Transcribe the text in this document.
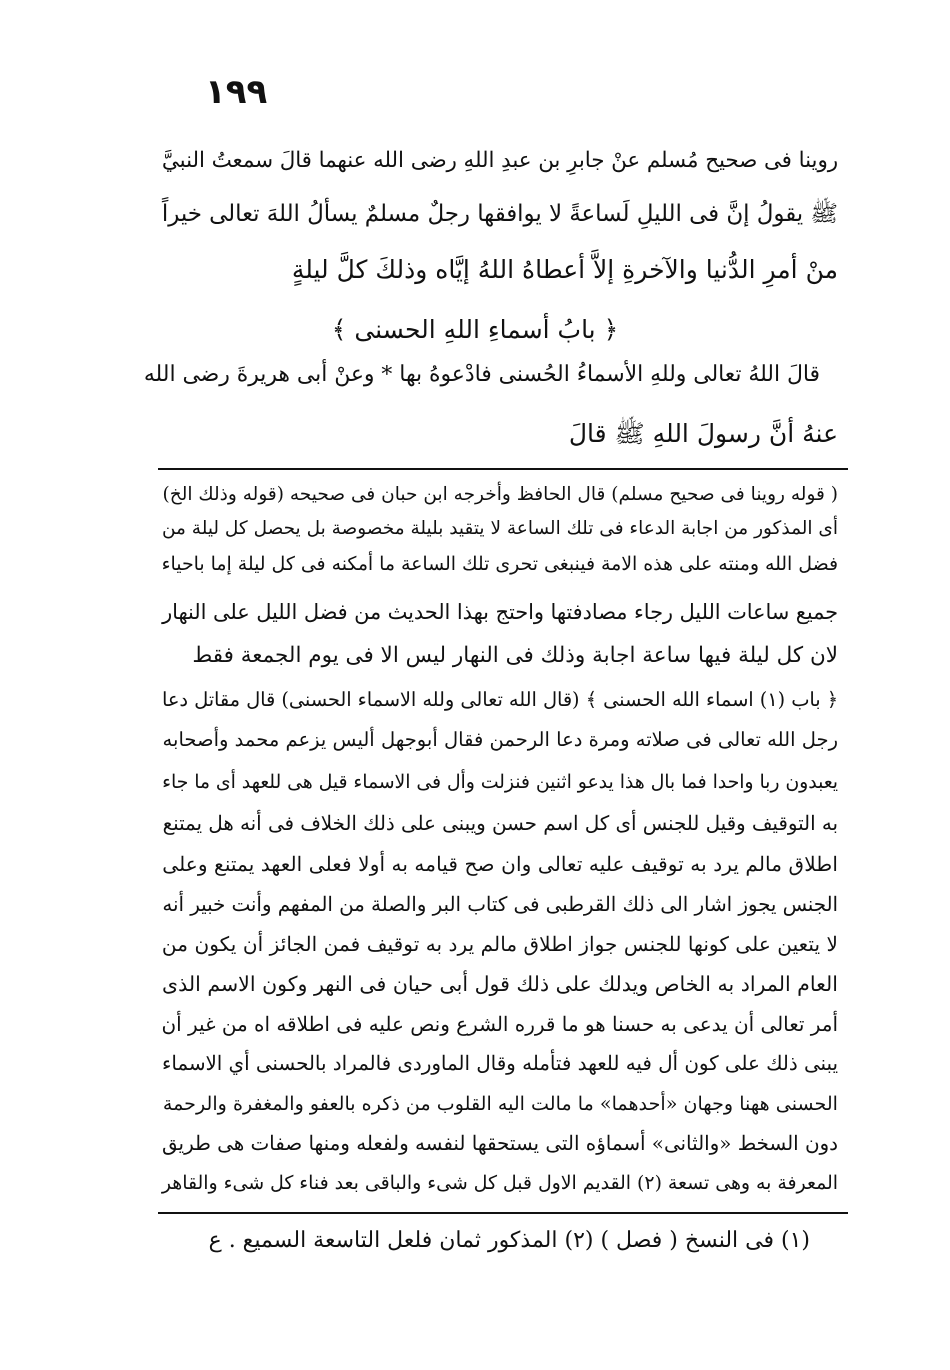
١٩٩
روينا فى صحيح مُسلم عنْ جابرِ بن عبدِ اللهِ رضى الله عنهما قالَ سمعتُ النبيَّ
ﷺ يقولُ إنَّ فى الليلِ لَساعةً لا يوافقها رجلٌ مسلمٌ يسألُ اللهَ تعالى خيراً
منْ أمرِ الدُّنيا والآخرةِ إلاَّ أعطاهُ اللهُ إيَّاه وذلكَ كلَّ ليلةٍ
﴿ بابُ أسماءِ اللهِ الحسنى ﴾
قالَ اللهُ تعالى وللهِ الأسماءُ الحُسنى فادْعوهُ بها * وعنْ أبى هريرةَ رضى الله
عنهُ أنَّ رسولَ اللهِ ﷺ قالَ
( قوله روينا فى صحيح مسلم) قال الحافظ وأخرجه ابن حبان فى صحيحه (قوله وذلك الخ)
أى المذكور من اجابة الدعاء فى تلك الساعة لا يتقيد بليلة مخصوصة بل يحصل كل ليلة من
فضل الله ومنته على هذه الامة فينبغى تحرى تلك الساعة ما أمكنه فى كل ليلة إما باحياء
جميع ساعات الليل رجاء مصادفتها واحتج بهذا الحديث من فضل الليل على النهار
لان كل ليلة فيها ساعة اجابة وذلك فى النهار ليس الا فى يوم الجمعة فقط
﴿ باب (١) اسماء الله الحسنى ﴾ (قال الله تعالى ولله الاسماء الحسنى) قال مقاتل دعا
رجل الله تعالى فى صلاته ومرة دعا الرحمن فقال أبوجهل أليس يزعم محمد وأصحابه
يعبدون ربا واحدا فما بال هذا يدعو اثنين فنزلت وأل فى الاسماء قيل هى للعهد أى ما جاء
به التوقيف وقيل للجنس أى كل اسم حسن ويبنى على ذلك الخلاف فى أنه هل يمتنع
اطلاق مالم يرد به توقيف عليه تعالى وان صح قيامه به أولا فعلى العهد يمتنع وعلى
الجنس يجوز اشار الى ذلك القرطبى فى كتاب البر والصلة من المفهم وأنت خبير أنه
لا يتعين على كونها للجنس جواز اطلاق مالم يرد به توقيف فمن الجائز أن يكون من
العام المراد به الخاص ويدلك على ذلك قول أبى حيان فى النهر وكون الاسم الذى
أمر تعالى أن يدعى به حسنا هو ما قرره الشرع ونص عليه فى اطلاقه اه من غير أن
يبنى ذلك على كون أل فيه للعهد فتأمله وقال الماوردى فالمراد بالحسنى أي الاسماء
الحسنى ههنا وجهان «أحدهما» ما مالت اليه القلوب من ذكره بالعفو والمغفرة والرحمة
دون السخط «والثانى» أسماؤه التى يستحقها لنفسه ولفعله ومنها صفات هى طريق
المعرفة به وهى تسعة (٢) القديم الاول قبل كل شىء والباقى بعد فناء كل شىء والقاهر
(١) فى النسخ ( فصل ) (٢) المذكور ثمان فلعل التاسعة السميع . ع
